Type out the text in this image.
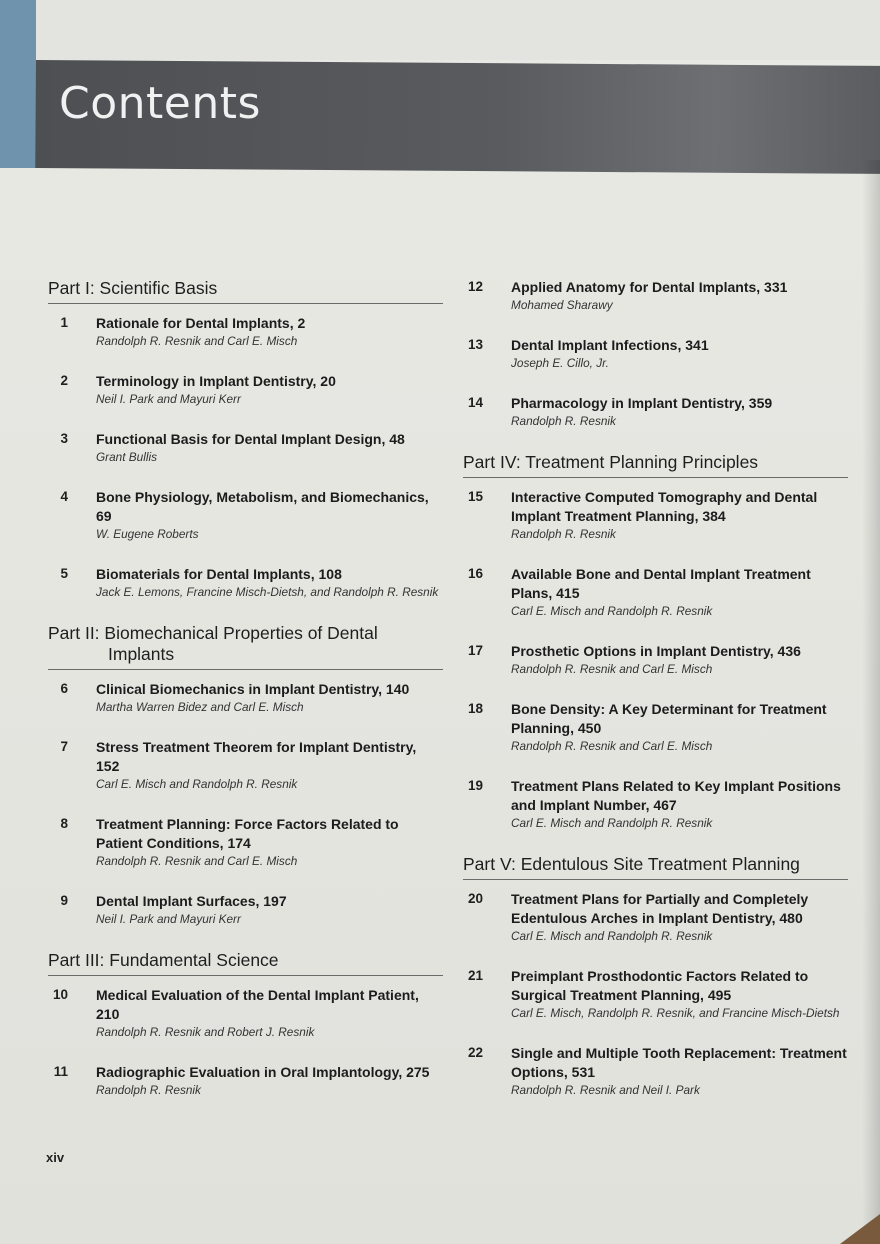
Contents
Part I: Scientific Basis
1 Rationale for Dental Implants, 2
Randolph R. Resnik and Carl E. Misch
2 Terminology in Implant Dentistry, 20
Neil I. Park and Mayuri Kerr
3 Functional Basis for Dental Implant Design, 48
Grant Bullis
4 Bone Physiology, Metabolism, and Biomechanics, 69
W. Eugene Roberts
5 Biomaterials for Dental Implants, 108
Jack E. Lemons, Francine Misch-Dietsh, and Randolph R. Resnik
Part II: Biomechanical Properties of Dental
Implants
6 Clinical Biomechanics in Implant Dentistry, 140
Martha Warren Bidez and Carl E. Misch
7 Stress Treatment Theorem for Implant Dentistry, 152
Carl E. Misch and Randolph R. Resnik
8 Treatment Planning: Force Factors Related to Patient Conditions, 174
Randolph R. Resnik and Carl E. Misch
9 Dental Implant Surfaces, 197
Neil I. Park and Mayuri Kerr
Part III: Fundamental Science
10 Medical Evaluation of the Dental Implant Patient, 210
Randolph R. Resnik and Robert J. Resnik
11 Radiographic Evaluation in Oral Implantology, 275
Randolph R. Resnik
12 Applied Anatomy for Dental Implants, 331
Mohamed Sharawy
13 Dental Implant Infections, 341
Joseph E. Cillo, Jr.
14 Pharmacology in Implant Dentistry, 359
Randolph R. Resnik
Part IV: Treatment Planning Principles
15 Interactive Computed Tomography and Dental Implant Treatment Planning, 384
Randolph R. Resnik
16 Available Bone and Dental Implant Treatment Plans, 415
Carl E. Misch and Randolph R. Resnik
17 Prosthetic Options in Implant Dentistry, 436
Randolph R. Resnik and Carl E. Misch
18 Bone Density: A Key Determinant for Treatment Planning, 450
Randolph R. Resnik and Carl E. Misch
19 Treatment Plans Related to Key Implant Positions and Implant Number, 467
Carl E. Misch and Randolph R. Resnik
Part V: Edentulous Site Treatment Planning
20 Treatment Plans for Partially and Completely Edentulous Arches in Implant Dentistry, 480
Carl E. Misch and Randolph R. Resnik
21 Preimplant Prosthodontic Factors Related to Surgical Treatment Planning, 495
Carl E. Misch, Randolph R. Resnik, and Francine Misch-Dietsh
22 Single and Multiple Tooth Replacement: Treatment Options, 531
Randolph R. Resnik and Neil I. Park
xiv
